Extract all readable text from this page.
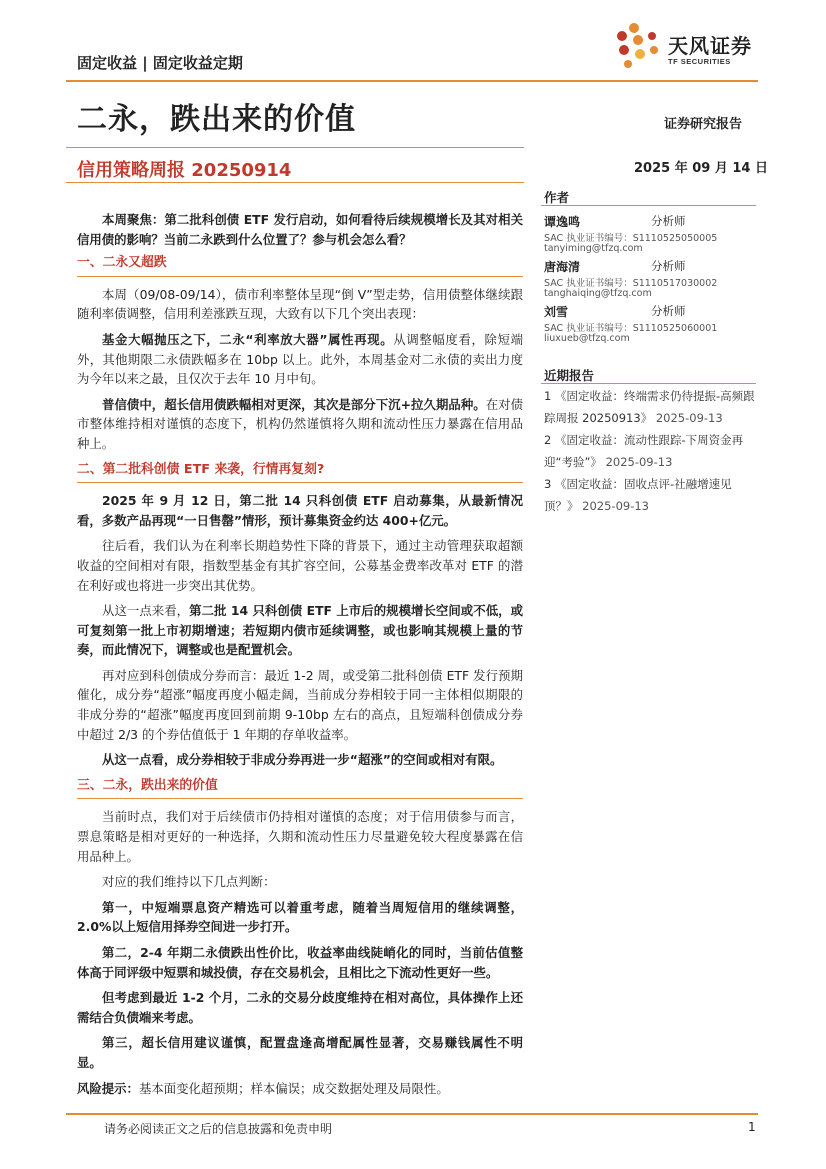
固定收益 | 固定收益定期
天风证券
TF SECURITIES
二永，跌出来的价值	证券研究报告
信用策略周报 20250914	2025 年 09 月 14 日
作者
谭逸鸣	分析师
SAC 执业证书编号：S1110525050005
tanyiming@tfzq.com
唐海清	分析师
SAC 执业证书编号：S1110517030002
tanghaiqing@tfzq.com
刘雪	分析师
SAC 执业证书编号：S1110525060001
liuxueb@tfzq.com
近期报告
1 《固定收益：终端需求仍待提振-高频跟踪周报 20250913》 2025-09-13
2 《固定收益：流动性跟踪-下周资金再迎“考验”》 2025-09-13
3 《固定收益：固收点评-社融增速见顶？》 2025-09-13

本周聚焦：第二批科创债 ETF 发行启动，如何看待后续规模增长及其对相关信用债的影响？当前二永跌到什么位置了？参与机会怎么看？

一、二永又超跌

本周（09/08-09/14），债市利率整体呈现“倒 V”型走势，信用债整体继续跟随利率债调整，信用利差涨跌互现，大致有以下几个突出表现：

基金大幅抛压之下，二永“利率放大器”属性再现。从调整幅度看，除短端外，其他期限二永债跌幅多在 10bp 以上。此外，本周基金对二永债的卖出力度为今年以来之最，且仅次于去年 10 月中旬。

普信债中，超长信用债跌幅相对更深，其次是部分下沉+拉久期品种。在对债市整体维持相对谨慎的态度下，机构仍然谨慎将久期和流动性压力暴露在信用品种上。

二、第二批科创债 ETF 来袭，行情再复刻?

2025 年 9 月 12 日，第二批 14 只科创债 ETF 启动募集，从最新情况看，多数产品再现“一日售罄”情形，预计募集资金约达 400+亿元。

往后看，我们认为在利率长期趋势性下降的背景下，通过主动管理获取超额收益的空间相对有限，指数型基金有其扩容空间，公募基金费率改革对 ETF 的潜在利好或也将进一步突出其优势。

从这一点来看，第二批 14 只科创债 ETF 上市后的规模增长空间或不低，或可复刻第一批上市初期增速；若短期内债市延续调整，或也影响其规模上量的节奏，而此情况下，调整或也是配置机会。

再对应到科创债成分券而言：最近 1-2 周，或受第二批科创债 ETF 发行预期催化，成分券“超涨”幅度再度小幅走阔，当前成分券相较于同一主体相似期限的非成分券的“超涨”幅度再度回到前期 9-10bp 左右的高点，且短端科创债成分券中超过 2/3 的个券估值低于 1 年期的存单收益率。

从这一点看，成分券相较于非成分券再进一步“超涨”的空间或相对有限。

三、二永，跌出来的价值

当前时点，我们对于后续债市仍持相对谨慎的态度；对于信用债参与而言，票息策略是相对更好的一种选择，久期和流动性压力尽量避免较大程度暴露在信用品种上。

对应的我们维持以下几点判断：

第一，中短端票息资产精选可以着重考虑，随着当周短信用的继续调整，2.0%以上短信用择券空间进一步打开。

第二，2-4 年期二永债跌出性价比，收益率曲线陡峭化的同时，当前估值整体高于同评级中短票和城投债，存在交易机会，且相比之下流动性更好一些。

但考虑到最近 1-2 个月，二永的交易分歧度维持在相对高位，具体操作上还需结合负债端来考虑。

第三，超长信用建议谨慎，配置盘逢高增配属性显著，交易赚钱属性不明显。

风险提示：基本面变化超预期；样本偏误；成交数据处理及局限性。

请务必阅读正文之后的信息披露和免责申明	1
